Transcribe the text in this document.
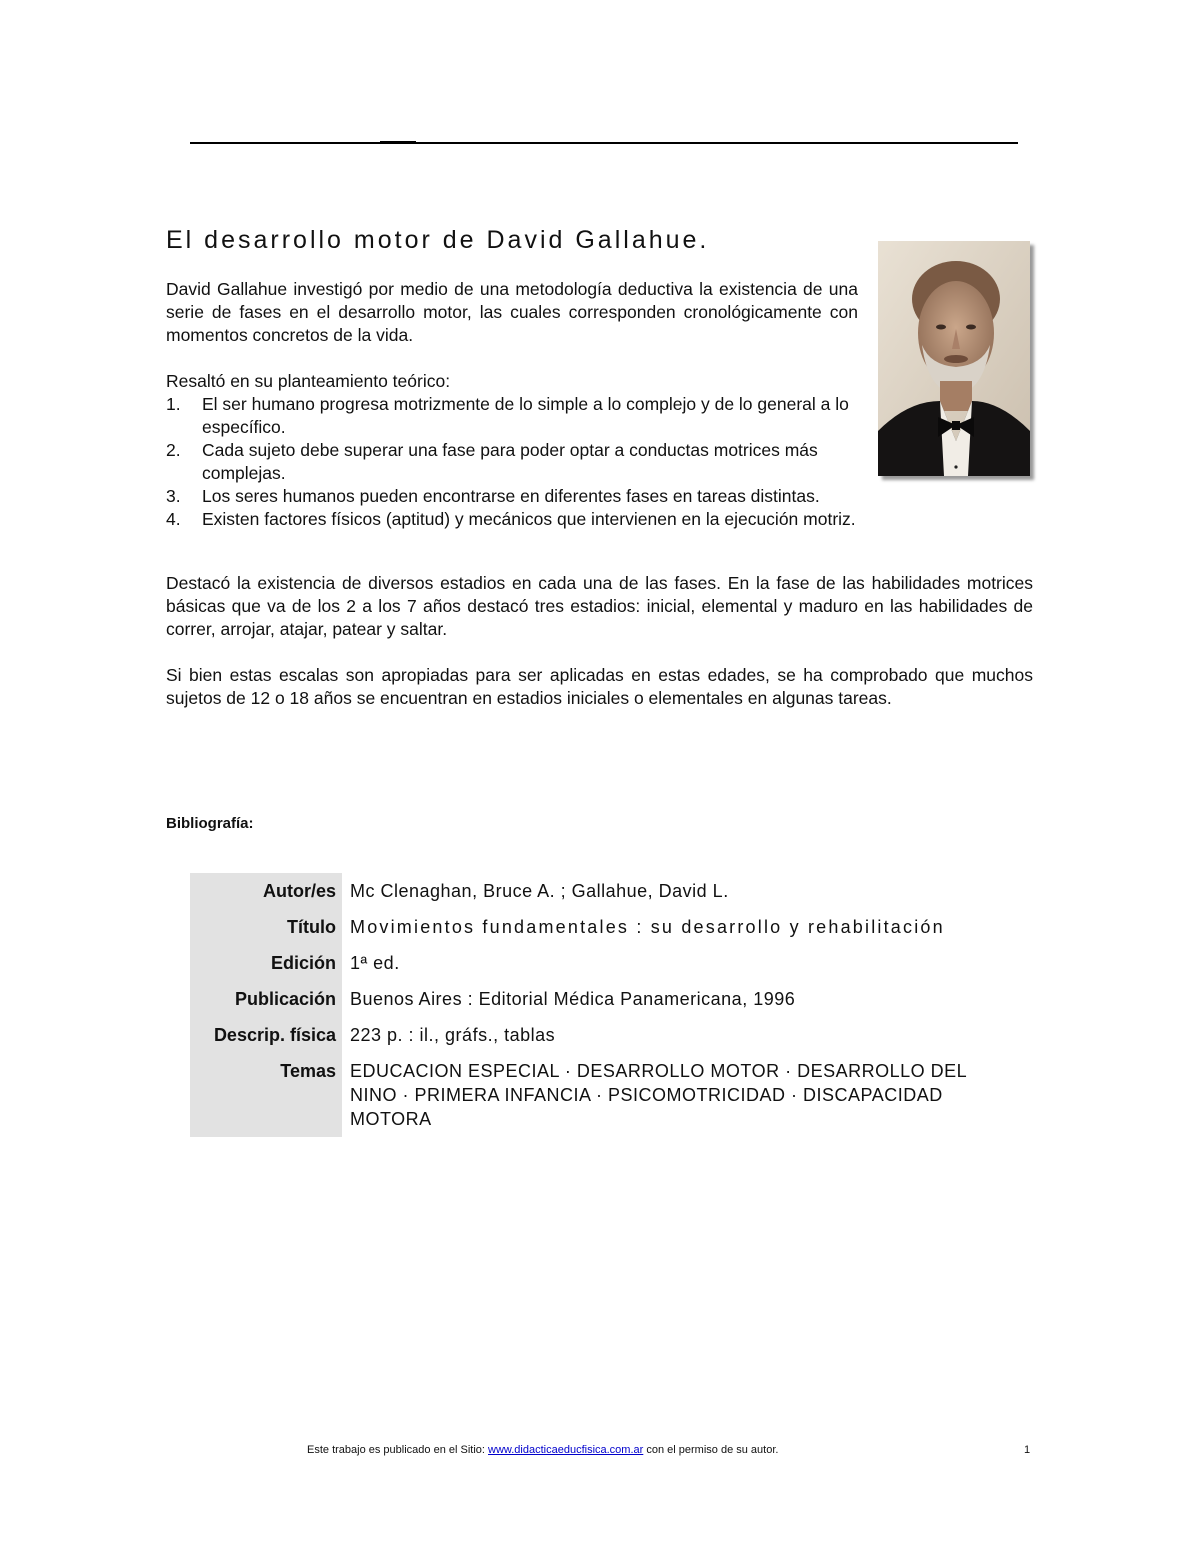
El desarrollo motor de David Gallahue.

David Gallahue investigó por medio de una metodología deductiva la existencia de una serie de fases en el desarrollo motor, las cuales corresponden cronológicamente con momentos concretos de la vida.

Resaltó en su planteamiento teórico:

1. El ser humano progresa motrizmente de lo simple a lo complejo y de lo general a lo específico.
2. Cada sujeto debe superar una fase para poder optar a conductas motrices más complejas.
3. Los seres humanos pueden encontrarse en diferentes fases en tareas distintas.
4. Existen factores físicos (aptitud) y mecánicos que intervienen en la ejecución motriz.

Destacó la existencia de diversos estadios en cada una de las fases. En la fase de las habilidades motrices básicas que va de los 2 a los 7 años destacó tres estadios: inicial, elemental y maduro en las habilidades de correr, arrojar, atajar, patear y saltar.

Si bien estas escalas son apropiadas para ser aplicadas en estas edades, se ha comprobado que muchos sujetos de 12 o 18 años se encuentran en estadios iniciales o elementales en algunas tareas.

Bibliografía:

Autor/es	Mc Clenaghan, Bruce A. ; Gallahue, David L.
Título	Movimientos fundamentales : su desarrollo y rehabilitación
Edición	1ª ed.
Publicación	Buenos Aires : Editorial Médica Panamericana, 1996
Descrip. física	223 p. : il., gráfs., tablas
Temas	EDUCACION ESPECIAL · DESARROLLO MOTOR · DESARROLLO DEL NINO · PRIMERA INFANCIA · PSICOMOTRICIDAD · DISCAPACIDAD MOTORA
Este trabajo es publicado en el Sitio: www.didacticaeducfisica.com.ar con el permiso de su autor.	1
